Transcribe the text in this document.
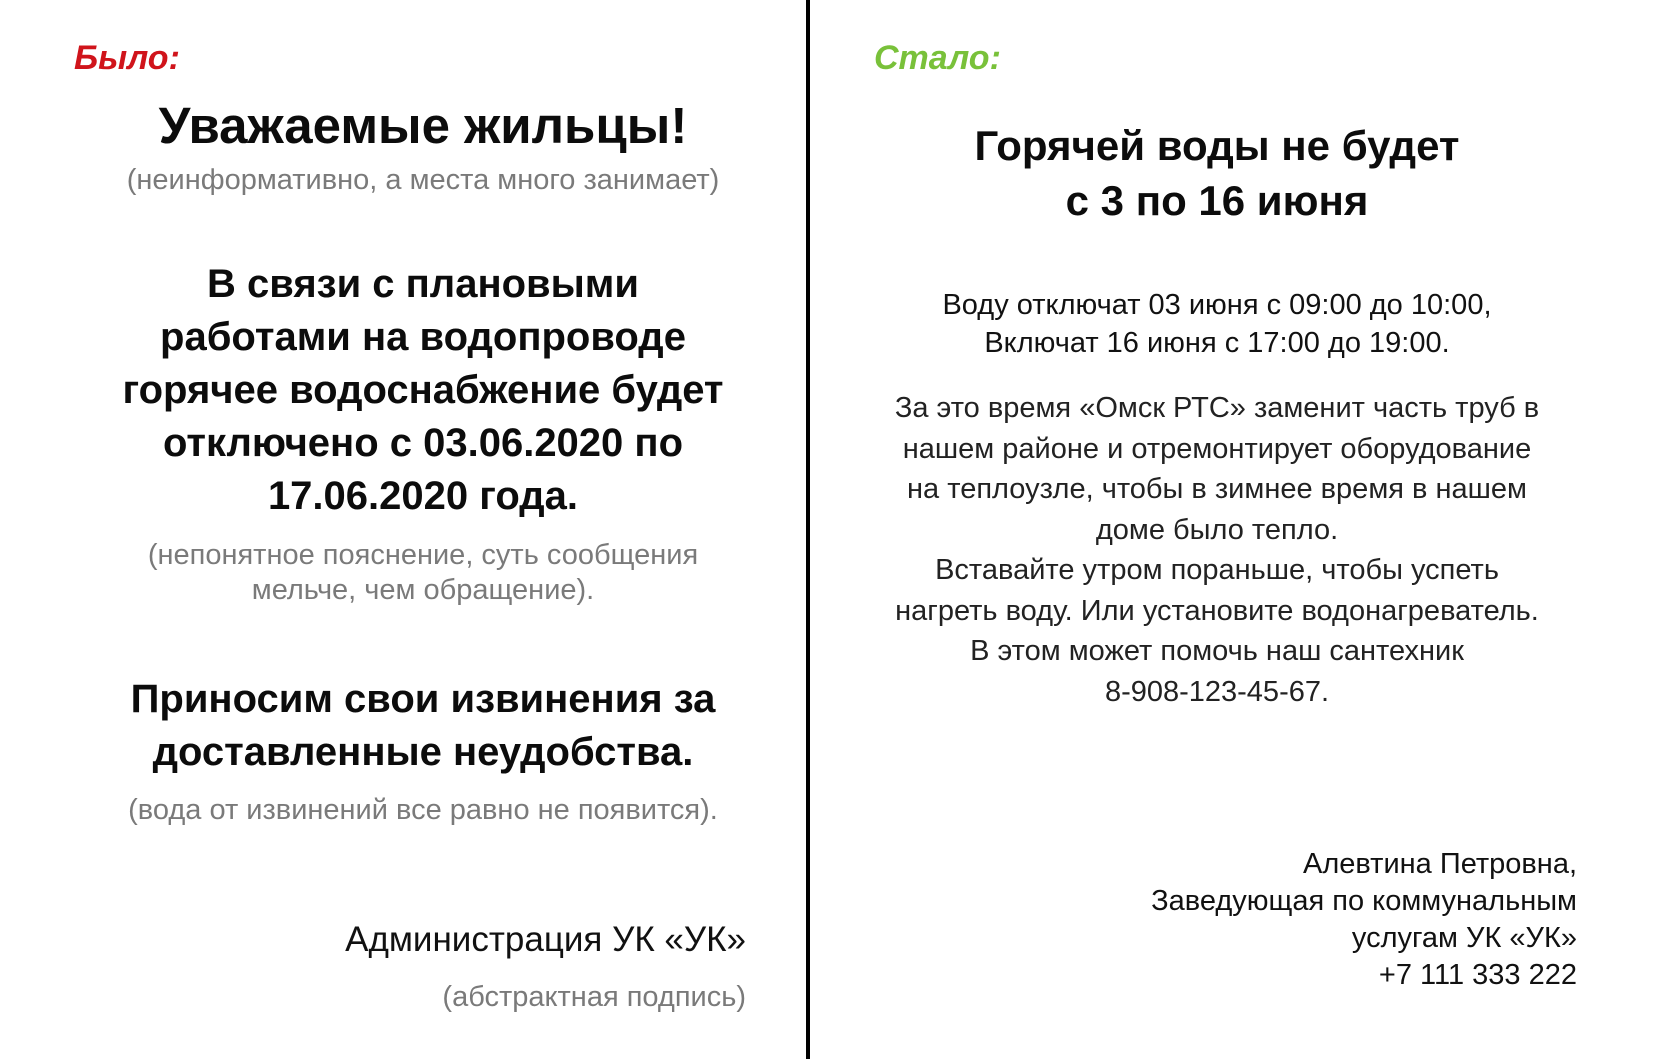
Было:
Уважаемые жильцы!
(неинформативно, а места много занимает)
В связи с плановыми
работами на водопроводе
горячее водоснабжение будет
отключено с 03.06.2020 по
17.06.2020 года.
(непонятное пояснение, суть сообщения
мельче, чем обращение).
Приносим свои извинения за
доставленные неудобства.
(вода от извинений все равно не появится).
Администрация УК «УК»
(абстрактная подпись)
Стало:
Горячей воды не будет
с 3 по 16 июня
Воду отключат 03 июня с 09:00 до 10:00,
Включат 16 июня с 17:00 до 19:00.
За это время «Омск РТС» заменит часть труб в
нашем районе и отремонтирует оборудование
на теплоузле, чтобы в зимнее время в нашем
доме было тепло.
Вставайте утром пораньше, чтобы успеть
нагреть воду. Или установите водонагреватель.
В этом может помочь наш сантехник
8-908-123-45-67.
Алевтина Петровна,
Заведующая по коммунальным
услугам УК «УК»
+7 111 333 222
